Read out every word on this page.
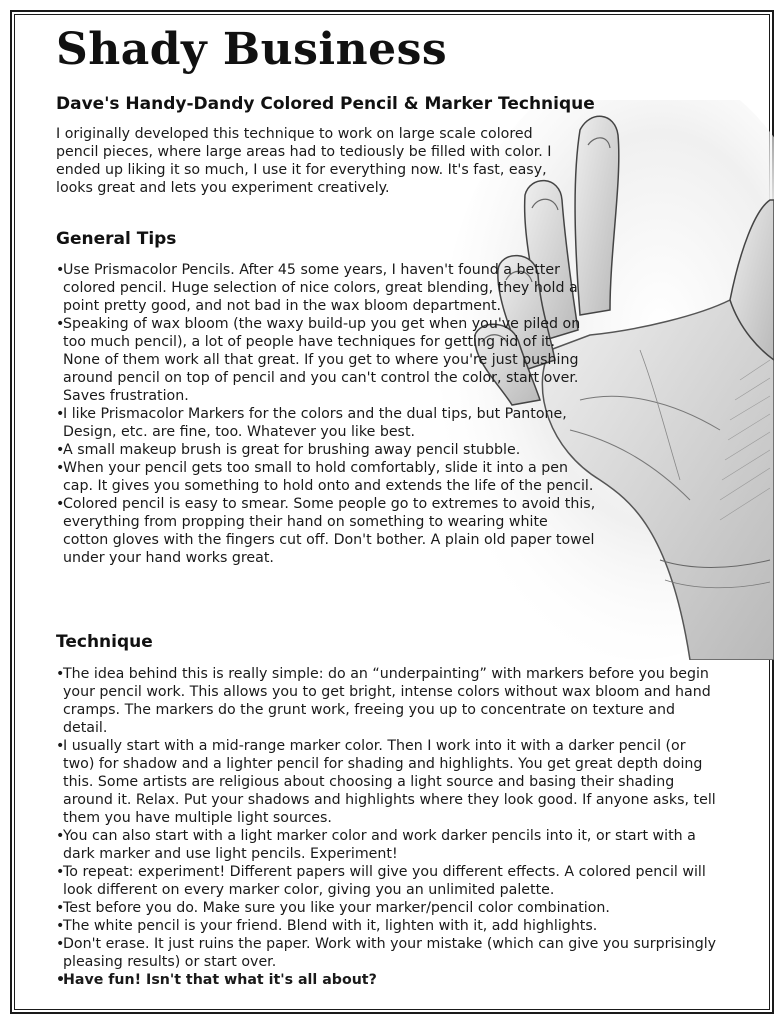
Shady Business
Dave's Handy-Dandy Colored Pencil & Marker Technique

I originally developed this technique to work on large scale colored pencil pieces, where large areas had to tediously be filled with color. I ended up liking it so much, I use it for everything now. It's fast, easy, looks great and lets you experiment creatively.

General Tips
•
Use Prismacolor Pencils. After 45 some years, I haven't found a better colored pencil. Huge selection of nice colors, great blending, they hold a point pretty good, and not bad in the wax bloom department.
•
Speaking of wax bloom (the waxy build-up you get when you've piled on too much pencil), a lot of people have techniques for getting rid of it. None of them work all that great. If you get to where you're just pushing around pencil on top of pencil and you can't control the color, start over. Saves frustration.
•
I like Prismacolor Markers for the colors and the dual tips, but Pantone, Design, etc. are fine, too. Whatever you like best.
•
A small makeup brush is great for brushing away pencil stubble.
•
When your pencil gets too small to hold comfortably, slide it into a pen cap. It gives you something to hold onto and extends the life of the pencil.
•
Colored pencil is easy to smear. Some people go to extremes to avoid this, everything from propping their hand on something to wearing white cotton gloves with the fingers cut off. Don't bother. A plain old paper towel under your hand works great.
Technique
•
The idea behind this is really simple: do an “underpainting” with markers before you begin your pencil work. This allows you to get bright, intense colors without wax bloom and hand cramps. The markers do the grunt work, freeing you up to concentrate on texture and detail.
•
I usually start with a mid-range marker color. Then I work into it with a darker pencil (or two) for shadow and a lighter pencil for shading and highlights. You get great depth doing this. Some artists are religious about choosing a light source and basing their shading around it. Relax. Put your shadows and highlights where they look good. If anyone asks, tell them you have multiple light sources.
•
You can also start with a light marker color and work darker pencils into it, or start with a dark marker and use light pencils. Experiment!
•
To repeat: experiment! Different papers will give you different effects. A colored pencil will look different on every marker color, giving you an unlimited palette.
•
Test before you do. Make sure you like your marker/pencil color combination.
•
The white pencil is your friend. Blend with it, lighten with it, add highlights.
•
Don't erase. It just ruins the paper. Work with your mistake (which can give you surprisingly pleasing results) or start over.
•
Have fun! Isn't that what it's all about?
